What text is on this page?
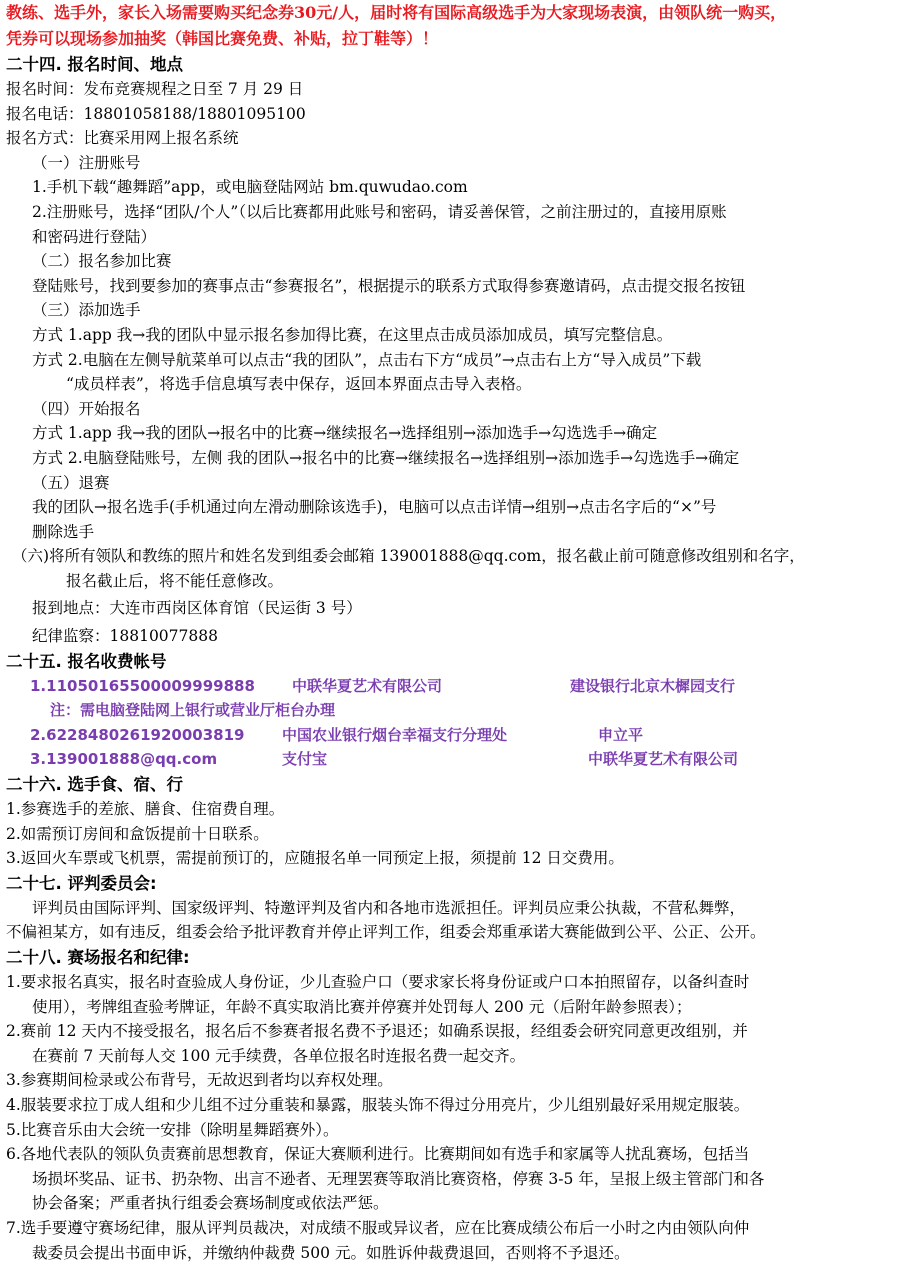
教练、选手外，家长入场需要购买纪念券30元/人，届时将有国际高级选手为大家现场表演，由领队统一购买，
凭券可以现场参加抽奖（韩国比赛免费、补贴，拉丁鞋等）！
二十四. 报名时间、地点

报名时间：发布竞赛规程之日至 7 月 29 日

报名电话：18801058188/18801095100

报名方式：比赛采用网上报名系统

（一）注册账号

1.手机下载“趣舞蹈”app，或电脑登陆网站 bm.quwudao.com

2.注册账号，选择“团队/个人”（以后比赛都用此账号和密码，请妥善保管，之前注册过的，直接用原账

和密码进行登陆）

（二）报名参加比赛

登陆账号，找到要参加的赛事点击“参赛报名”，根据提示的联系方式取得参赛邀请码，点击提交报名按钮

（三）添加选手

方式 1.app 我→我的团队中显示报名参加得比赛，在这里点击成员添加成员，填写完整信息。

方式 2.电脑在左侧导航菜单可以点击“我的团队”，点击右下方“成员”→点击右上方“导入成员”下载

“成员样表”，将选手信息填写表中保存，返回本界面点击导入表格。

（四）开始报名

方式 1.app 我→我的团队→报名中的比赛→继续报名→选择组别→添加选手→勾选选手→确定

方式 2.电脑登陆账号，左侧 我的团队→报名中的比赛→继续报名→选择组别→添加选手→勾选选手→确定

（五）退赛

我的团队→报名选手(手机通过向左滑动删除该选手)，电脑可以点击详情→组别→点击名字后的“×”号

删除选手

（六)将所有领队和教练的照片和姓名发到组委会邮箱 139001888@qq.com，报名截止前可随意修改组别和名字，

报名截止后，将不能任意修改。

报到地点：大连市西岗区体育馆（民运街 3 号）

纪律监察：18810077888

二十五. 报名收费帐号
1.11050165500009999888 中联华夏艺术有限公司	建设银行北京木樨园支行
注：需电脑登陆网上银行或营业厅柜台办理
2.6228480261920003819	中国农业银行烟台幸福支行分理处	申立平
3.139001888@qq.com	支付宝	中联华夏艺术有限公司
二十六. 选手食、宿、行

1.参赛选手的差旅、膳食、住宿费自理。

2.如需预订房间和盒饭提前十日联系。

3.返回火车票或飞机票，需提前预订的，应随报名单一同预定上报，须提前 12 日交费用。

二十七. 评判委员会:

评判员由国际评判、国家级评判、特邀评判及省内和各地市选派担任。评判员应秉公执裁，不营私舞弊，

不偏袒某方，如有违反，组委会给予批评教育并停止评判工作，组委会郑重承诺大赛能做到公平、公正、公开。

二十八. 赛场报名和纪律:

1.要求报名真实，报名时查验成人身份证，少儿查验户口（要求家长将身份证或户口本拍照留存，以备纠查时

使用），考牌组查验考牌证，年龄不真实取消比赛并停赛并处罚每人 200 元（后附年龄参照表）；

2.赛前 12 天内不接受报名，报名后不参赛者报名费不予退还；如确系误报，经组委会研究同意更改组别，并

在赛前 7 天前每人交 100 元手续费，各单位报名时连报名费一起交齐。

3.参赛期间检录或公布背号，无故迟到者均以弃权处理。

4.服装要求拉丁成人组和少儿组不过分重装和暴露，服装头饰不得过分用亮片，少儿组别最好采用规定服装。

5.比赛音乐由大会统一安排（除明星舞蹈赛外）。

6.各地代表队的领队负责赛前思想教育，保证大赛顺利进行。比赛期间如有选手和家属等人扰乱赛场，包括当

场损坏奖品、证书、扔杂物、出言不逊者、无理罢赛等取消比赛资格，停赛 3-5 年，呈报上级主管部门和各

协会备案；严重者执行组委会赛场制度或依法严惩。

7.选手要遵守赛场纪律，服从评判员裁决，对成绩不服或异议者，应在比赛成绩公布后一小时之内由领队向仲

裁委员会提出书面申诉，并缴纳仲裁费 500 元。如胜诉仲裁费退回，否则将不予退还。
